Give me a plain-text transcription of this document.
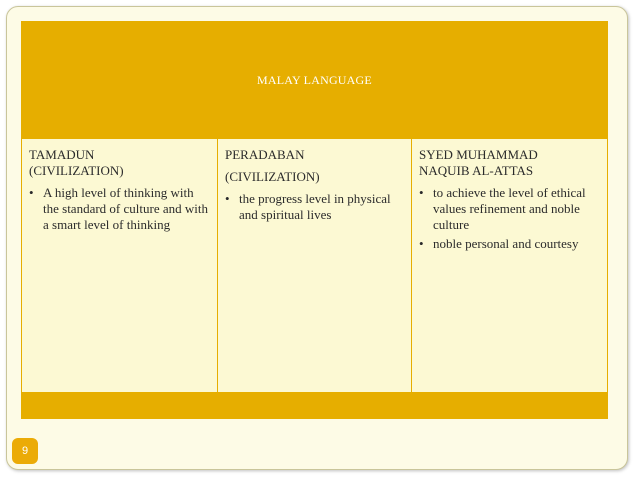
MALAY LANGUAGE
TAMADUN
(CIVILIZATION)
• A high level of thinking with the standard of culture and with a smart level of thinking
PERADABAN
(CIVILIZATION)
• the progress level in physical and spiritual lives
SYED MUHAMMAD
NAQUIB AL-ATTAS
• to achieve the level of ethical values refinement and noble culture
• noble personal and courtesy
9
